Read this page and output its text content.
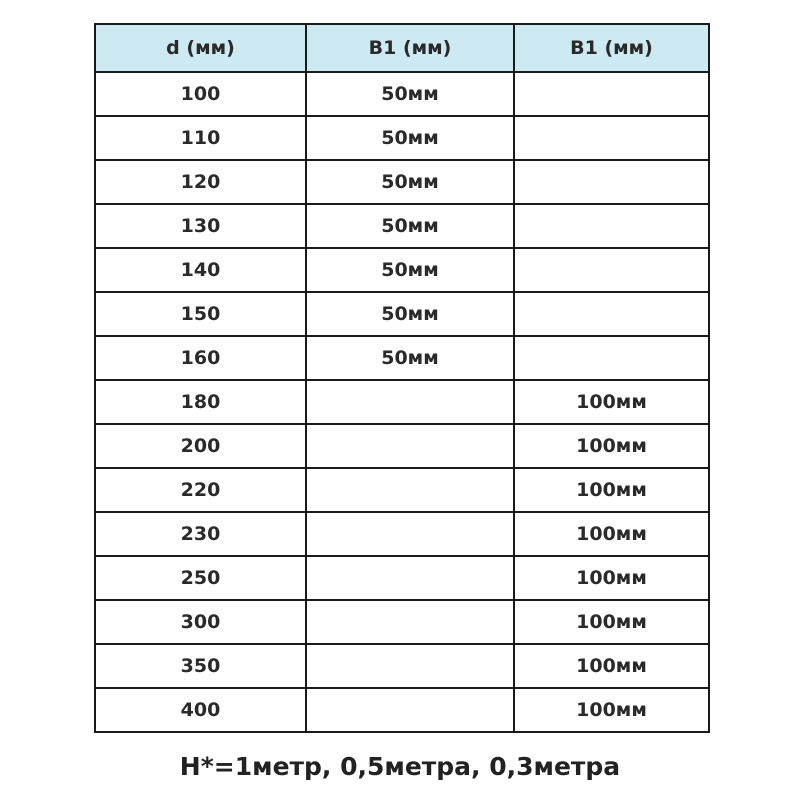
d (мм)	B1 (мм)	B1 (мм)
100	50мм	
110	50мм	
120	50мм	
130	50мм	
140	50мм	
150	50мм	
160	50мм	
180		100мм
200		100мм
220		100мм
230		100мм
250		100мм
300		100мм
350		100мм
400		100мм
H*=1метр, 0,5метра, 0,3метра
